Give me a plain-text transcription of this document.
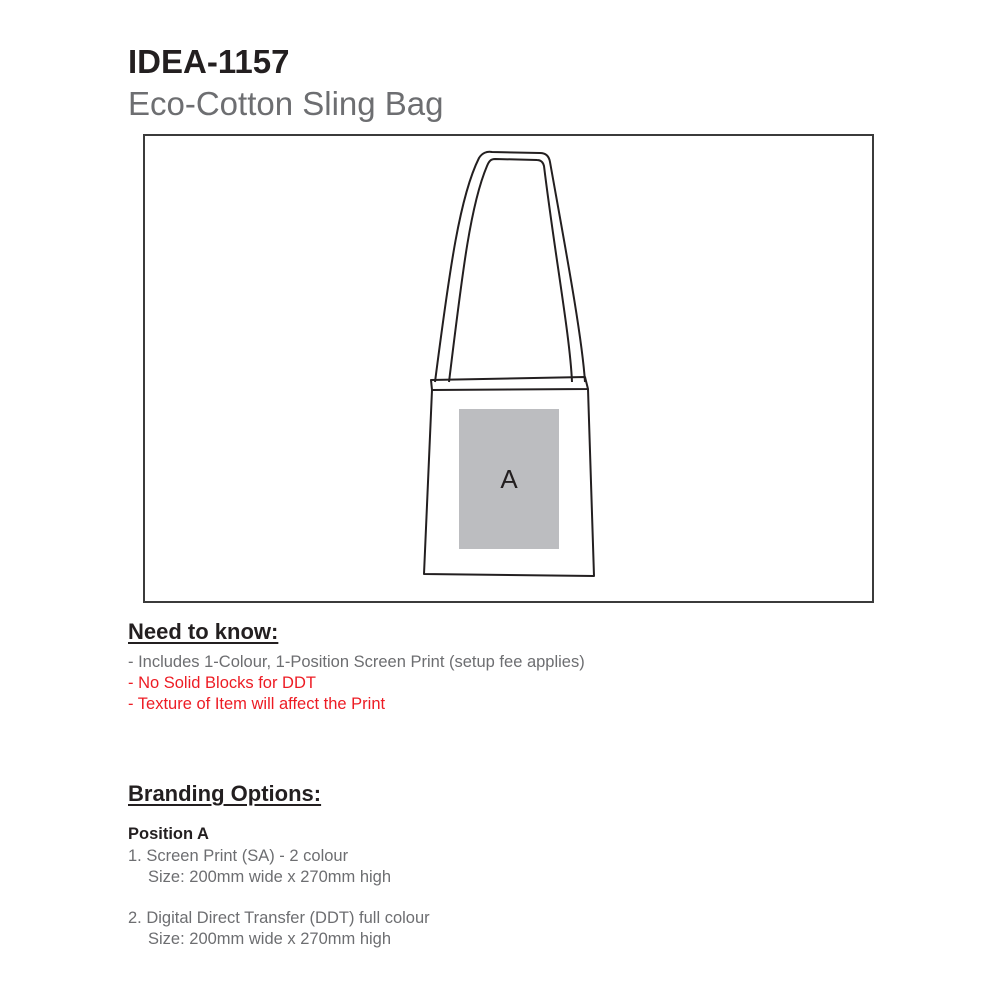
IDEA-1157
Eco-Cotton Sling Bag
A
Need to know:
- Includes 1-Colour, 1-Position Screen Print (setup fee applies)
- No Solid Blocks for DDT
- Texture of Item will affect the Print
Branding Options:
Position A
1. Screen Print (SA) - 2 colour
Size: 200mm wide x 270mm high
2. Digital Direct Transfer (DDT) full colour
Size: 200mm wide x 270mm high
